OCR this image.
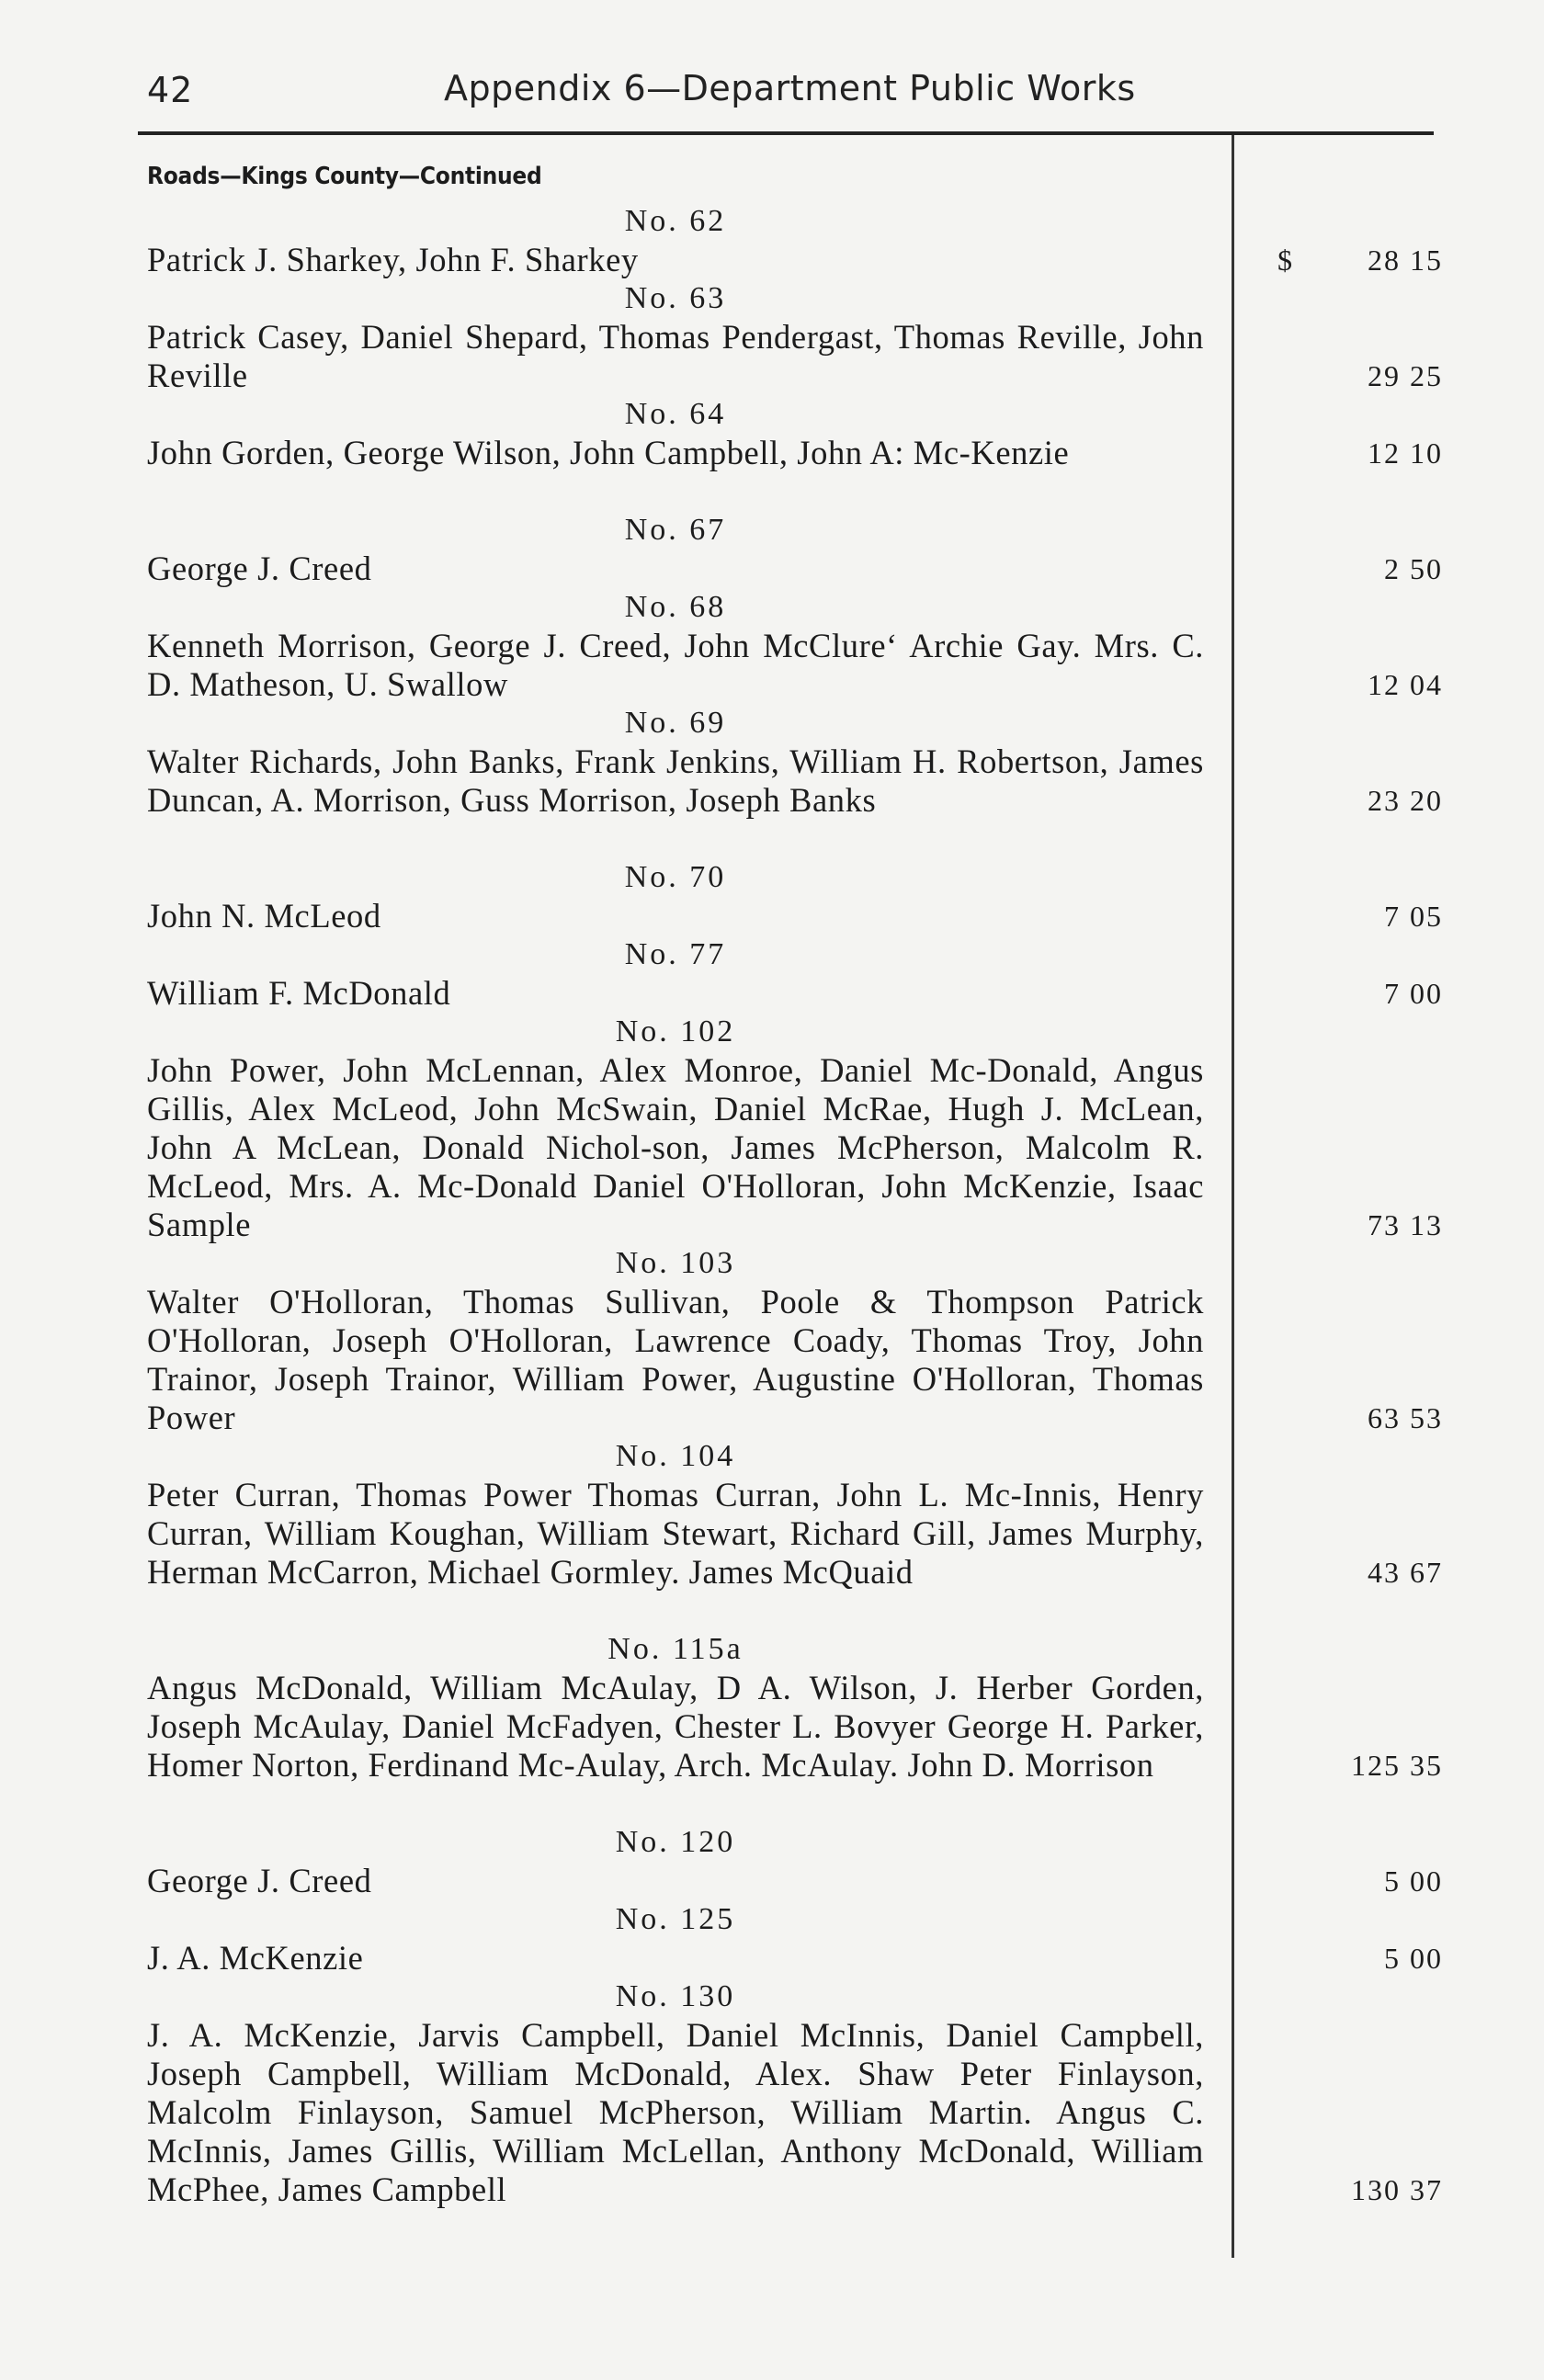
42	Appendix 6—Department Public Works
Roads—Kings County—Continued
No. 62

Patrick J. Sharkey, John F. Sharkey	$	28 15
No. 63

Patrick Casey, Daniel Shepard, Thomas Pendergast, Thomas Reville, John Reville	29 25
No. 64

John Gorden, George Wilson, John Campbell, John A: Mc-Kenzie	12 10
No. 67

George J. Creed	2 50
No. 68

Kenneth Morrison, George J. Creed, John McClure‘ Archie Gay. Mrs. C. D. Matheson, U. Swallow	12 04
No. 69

Walter Richards, John Banks, Frank Jenkins, William H. Robertson, James Duncan, A. Morrison, Guss Morrison, Joseph Banks	23 20
No. 70

John N. McLeod	7 05
No. 77

William F. McDonald	7 00
No. 102

John Power, John McLennan, Alex Monroe, Daniel Mc-Donald, Angus Gillis, Alex McLeod, John McSwain, Daniel McRae, Hugh J. McLean, John A McLean, Donald Nichol-son, James McPherson, Malcolm R. McLeod, Mrs. A. Mc-Donald Daniel O'Holloran, John McKenzie, Isaac Sample	73 13
No. 103

Walter O'Holloran, Thomas Sullivan, Poole & Thompson Patrick O'Holloran, Joseph O'Holloran, Lawrence Coady, Thomas Troy, John Trainor, Joseph Trainor, William Power, Augustine O'Holloran, Thomas Power	63 53
No. 104

Peter Curran, Thomas Power Thomas Curran, John L. Mc-Innis, Henry Curran, William Koughan, William Stewart, Richard Gill, James Murphy, Herman McCarron, Michael Gormley. James McQuaid	43 67
No. 115a

Angus McDonald, William McAulay, D A. Wilson, J. Herber Gorden, Joseph McAulay, Daniel McFadyen, Chester L. Bovyer George H. Parker, Homer Norton, Ferdinand Mc-Aulay, Arch. McAulay. John D. Morrison	125 35
No. 120

George J. Creed	5 00
No. 125

J. A. McKenzie	5 00
No. 130

J. A. McKenzie, Jarvis Campbell, Daniel McInnis, Daniel Campbell, Joseph Campbell, William McDonald, Alex. Shaw Peter Finlayson, Malcolm Finlayson, Samuel McPherson, William Martin. Angus C. McInnis, James Gillis, William McLellan, Anthony McDonald, William McPhee, James Campbell	130 37
